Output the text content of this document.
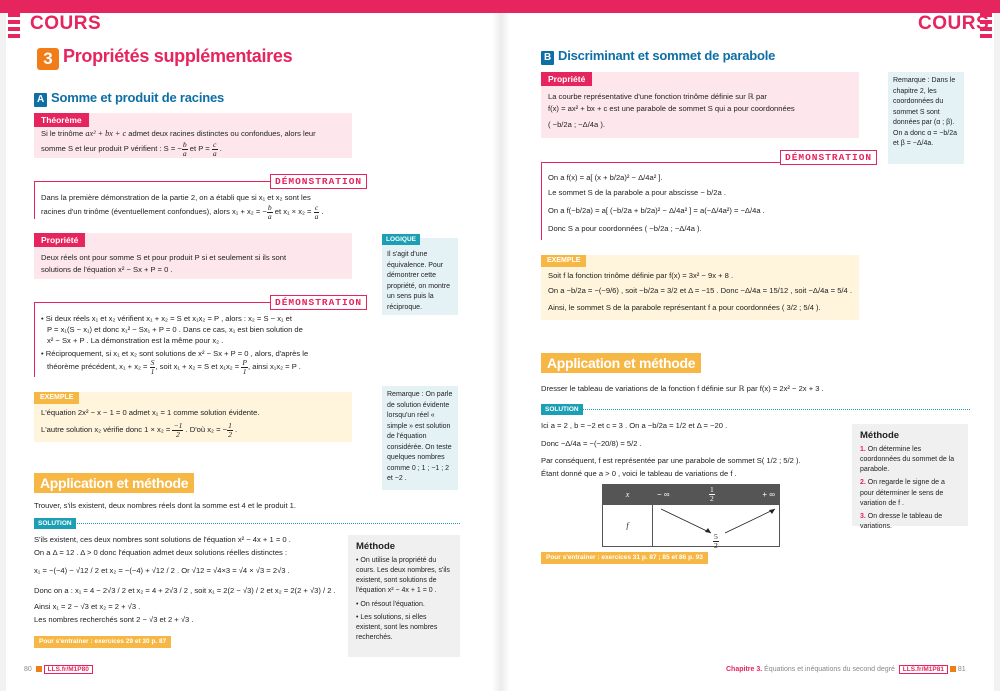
COURS	COURS
3 Propriétés supplémentaires
A Somme et produit de racines
Théorème
Si le trinôme ax² + bx + c admet deux racines distinctes ou confondues, alors leur
somme S et leur produit P vérifient : S = − $\frac{b}{a}$ et $P = \frac{c}{a}$ .
DÉMONSTRATION
Dans la première démonstration de la partie 2, on a établi que si x₁ et x₂ sont les
racines d'un trinôme (éventuellement confondues), alors x₁ + x₂ = − $\frac{b}{a}$ et $x_1 \times x_2 = \frac{c}{a}$ .
Propriété
Deux réels ont pour somme S et pour produit P si et seulement si ils sont
solutions de l'équation x² − Sx + P = 0 .
Il s'agit d'une équivalence. Pour démontrer cette propriété, on montre un sens puis la réciproque.
LOGIQUE
DÉMONSTRATION
• Si deux réels x₁ et x₂ vérifient x₁ + x₂ = S et x₁x₂ = P , alors : x₂ = S − x₁ et
P = x₁(S − x₁) et donc x₁² − Sx₁ + P = 0 . Dans ce cas, x₁ est bien solution de
x² − Sx + P . La démonstration est la même pour x₂ .
• Réciproquement, si x₁ et x₂ sont solutions de x² − Sx + P = 0 , alors, d'après le
théorème précédent, $x_1 + x_2 = \frac{S}{1}$ , soit x₁ + x₂ = S et $x_1x_2 = \frac{P}{1}$ , ainsi x₁x₂ = P .
EXEMPLE
L'équation 2x² − x − 1 = 0 admet x₁ = 1 comme solution évidente.
L'autre solution x₂ vérifie donc $1 \times x_2 = \frac{-1}{2}$ . D'où x₂ = − $\frac{1}{2}$ .
Remarque : On parle de solution évidente lorsqu'un réel « simple » est solution de l'équation considérée. On teste quelques nombres comme 0 ; 1 ; −1 ; 2 et −2 .
Application et méthode
Trouver, s'ils existent, deux nombres réels dont la somme est 4 et le produit 1.
SOLUTION
S'ils existent, ces deux nombres sont solutions de l'équation x² − 4x + 1 = 0 .
On a Δ = 12 . Δ > 0 donc l'équation admet deux solutions réelles distinctes :
x₁ = −(−4) − √12 / 2 et x₂ = −(−4) + √12 / 2 . Or √12 = √4×3 = √4 × √3 = 2√3 .
Donc on a : x₁ = 4 − 2√3 / 2 et x₂ = 4 + 2√3 / 2 , soit x₁ = 2(2 − √3) / 2 et x₂ = 2(2 + √3) / 2 .
Ainsi x₁ = 2 − √3 et x₂ = 2 + √3 .
Les nombres recherchés sont 2 − √3 et 2 + √3 .
Pour s'entraîner : exercices 29 et 30 p. 87
Méthode
• On utilise la propriété du cours. Les deux nombres, s'ils existent, sont solutions de l'équation x² − 4x + 1 = 0 .
• On résout l'équation.
• Les solutions, si elles existent, sont les nombres recherchés.
80 LLS.fr/M1P80
B Discriminant et sommet de parabole
Propriété
La courbe représentative d'une fonction trinôme définie sur ℝ par
f(x) = ax² + bx + c est une parabole de sommet S qui a pour coordonnées
( −b/2a ; −Δ/4a ).
Remarque : Dans le chapitre 2, les coordonnées du sommet S sont données par (α ; β). On a donc α = −b/2a et β = −Δ/4a.
DÉMONSTRATION
On a f(x) = a[ (x + b/2a)² − Δ/4a² ].
Le sommet S de la parabole a pour abscisse − b/2a .
On a f(−b/2a) = a[ (−b/2a + b/2a)² − Δ/4a² ] = a(−Δ/4a²) = −Δ/4a .
Donc S a pour coordonnées ( −b/2a ; −Δ/4a ).
EXEMPLE
Soit f la fonction trinôme définie par f(x) = 3x² − 9x + 8 .
On a −b/2a = −(−9/6) , soit −b/2a = 3/2 et Δ = −15 . Donc −Δ/4a = 15/12 , soit −Δ/4a = 5/4 .
Ainsi, le sommet S de la parabole représentant f a pour coordonnées ( 3/2 ; 5/4 ).
Application et méthode
Dresser le tableau de variations de la fonction f définie sur ℝ par f(x) = 2x² − 2x + 3 .
SOLUTION
Ici a = 2 , b = −2 et c = 3 . On a −b/2a = 1/2 et Δ = −20 .
Donc −Δ/4a = −(−20/8) = 5/2 .
Par conséquent, f est représentée par une parabole de sommet S( 1/2 ; 5/2 ).
Étant donné que a > 0 , voici le tableau de variations de f .
x	− ∞ $\frac{1}{2}$ + ∞

f	$\frac{5}{2}$
Pour s'entraîner : exercices 31 p. 87 ; 85 et 86 p. 93
Méthode
1. On détermine les coordonnées du sommet de la parabole.
2. On regarde le signe de a pour déterminer le sens de variation de f .
3. On dresse le tableau de variations.
Chapitre 3. Équations et inéquations du second degré LLS.fr/M1P81 81
